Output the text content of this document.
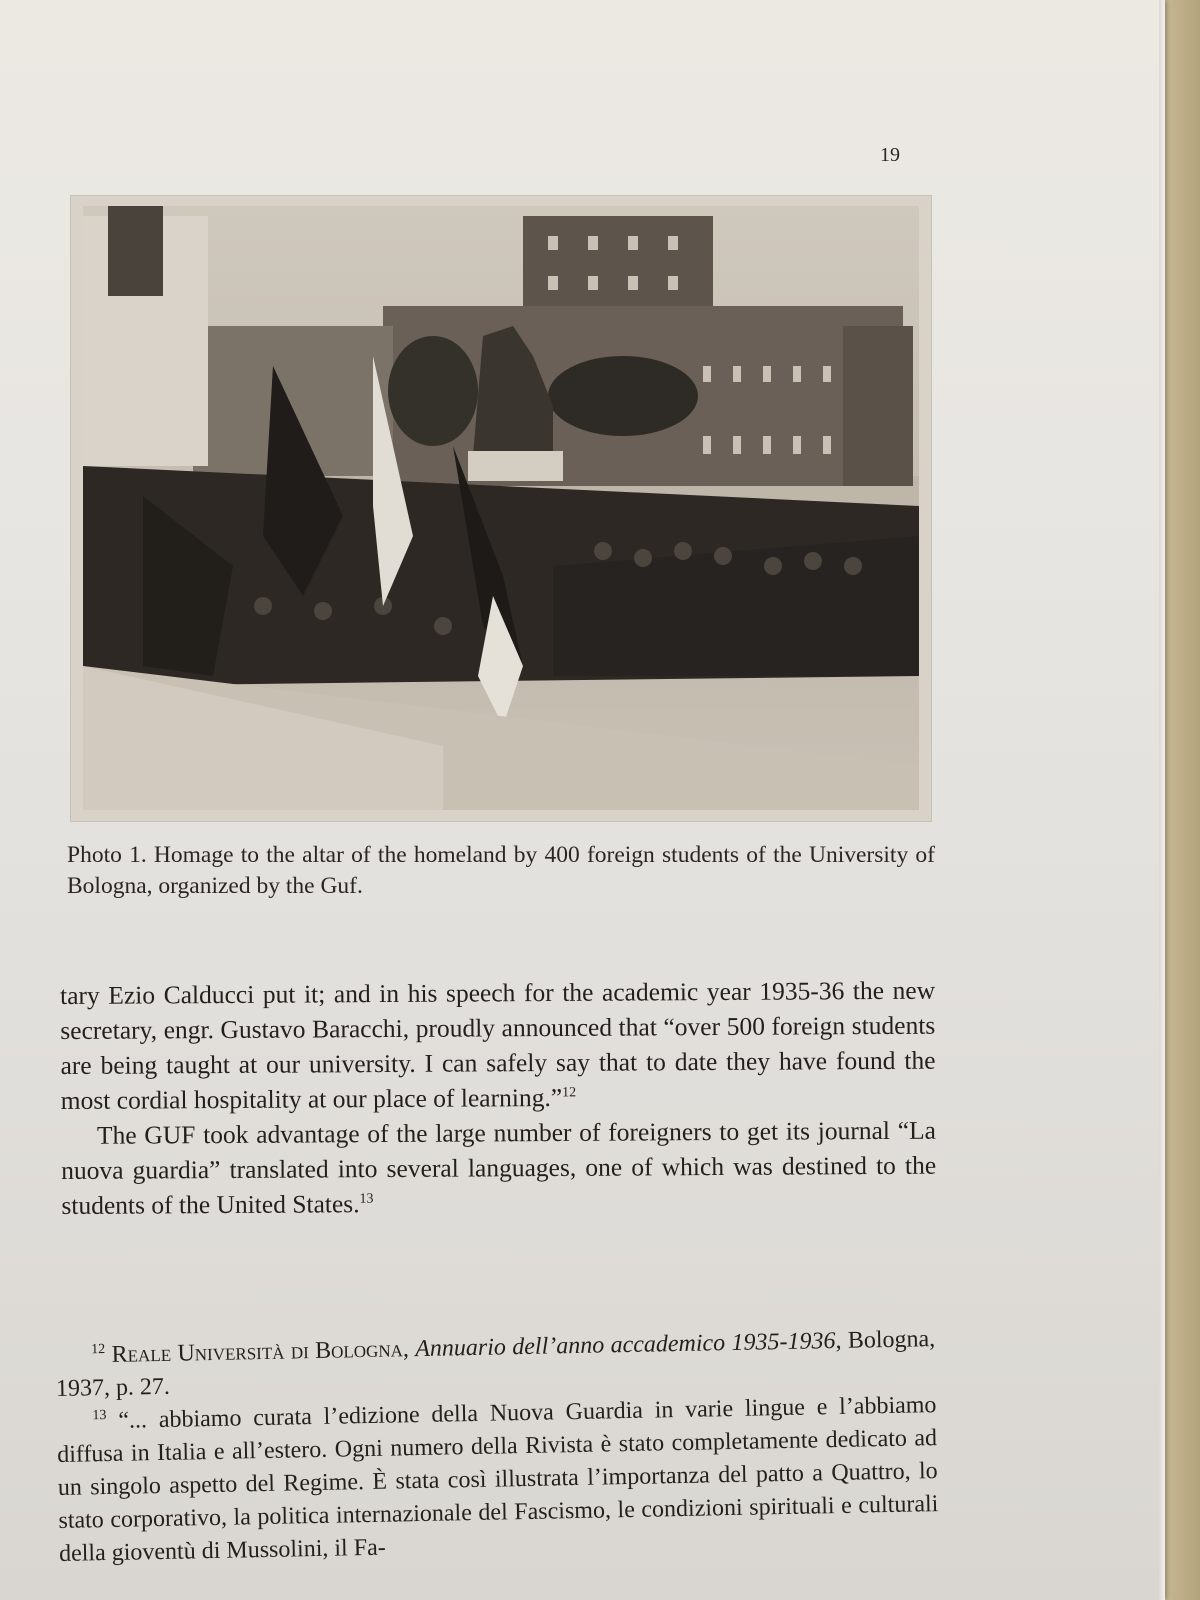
19
Photo 1. Homage to the altar of the homeland by 400 foreign students of the University of Bologna, organized by the Guf.

tary Ezio Calducci put it; and in his speech for the academic year 1935-36 the new secretary, engr. Gustavo Baracchi, proudly announced that “over 500 foreign students are being taught at our university. I can safely say that to date they have found the most cordial hospitality at our place of learning.”$^{12}$

The GUF took advantage of the large number of foreigners to get its journal “La nuova guardia” translated into several languages, one of which was destined to the students of the United States.$^{13}$

$^{12}$ Reale Università di Bologna, Annuario dell’anno accademico 1935-1936, Bologna, 1937, p. 27.

$^{13}$ “... abbiamo curata l’edizione della Nuova Guardia in varie lingue e l’abbiamo diffusa in Italia e all’estero. Ogni numero della Rivista è stato completamente dedicato ad un singolo aspetto del Regime. È stata così illustrata l’importanza del patto a Quattro, lo stato corporativo, la politica internazionale del Fascismo, le condizioni spirituali e culturali della gioventù di Mussolini, il Fa-
